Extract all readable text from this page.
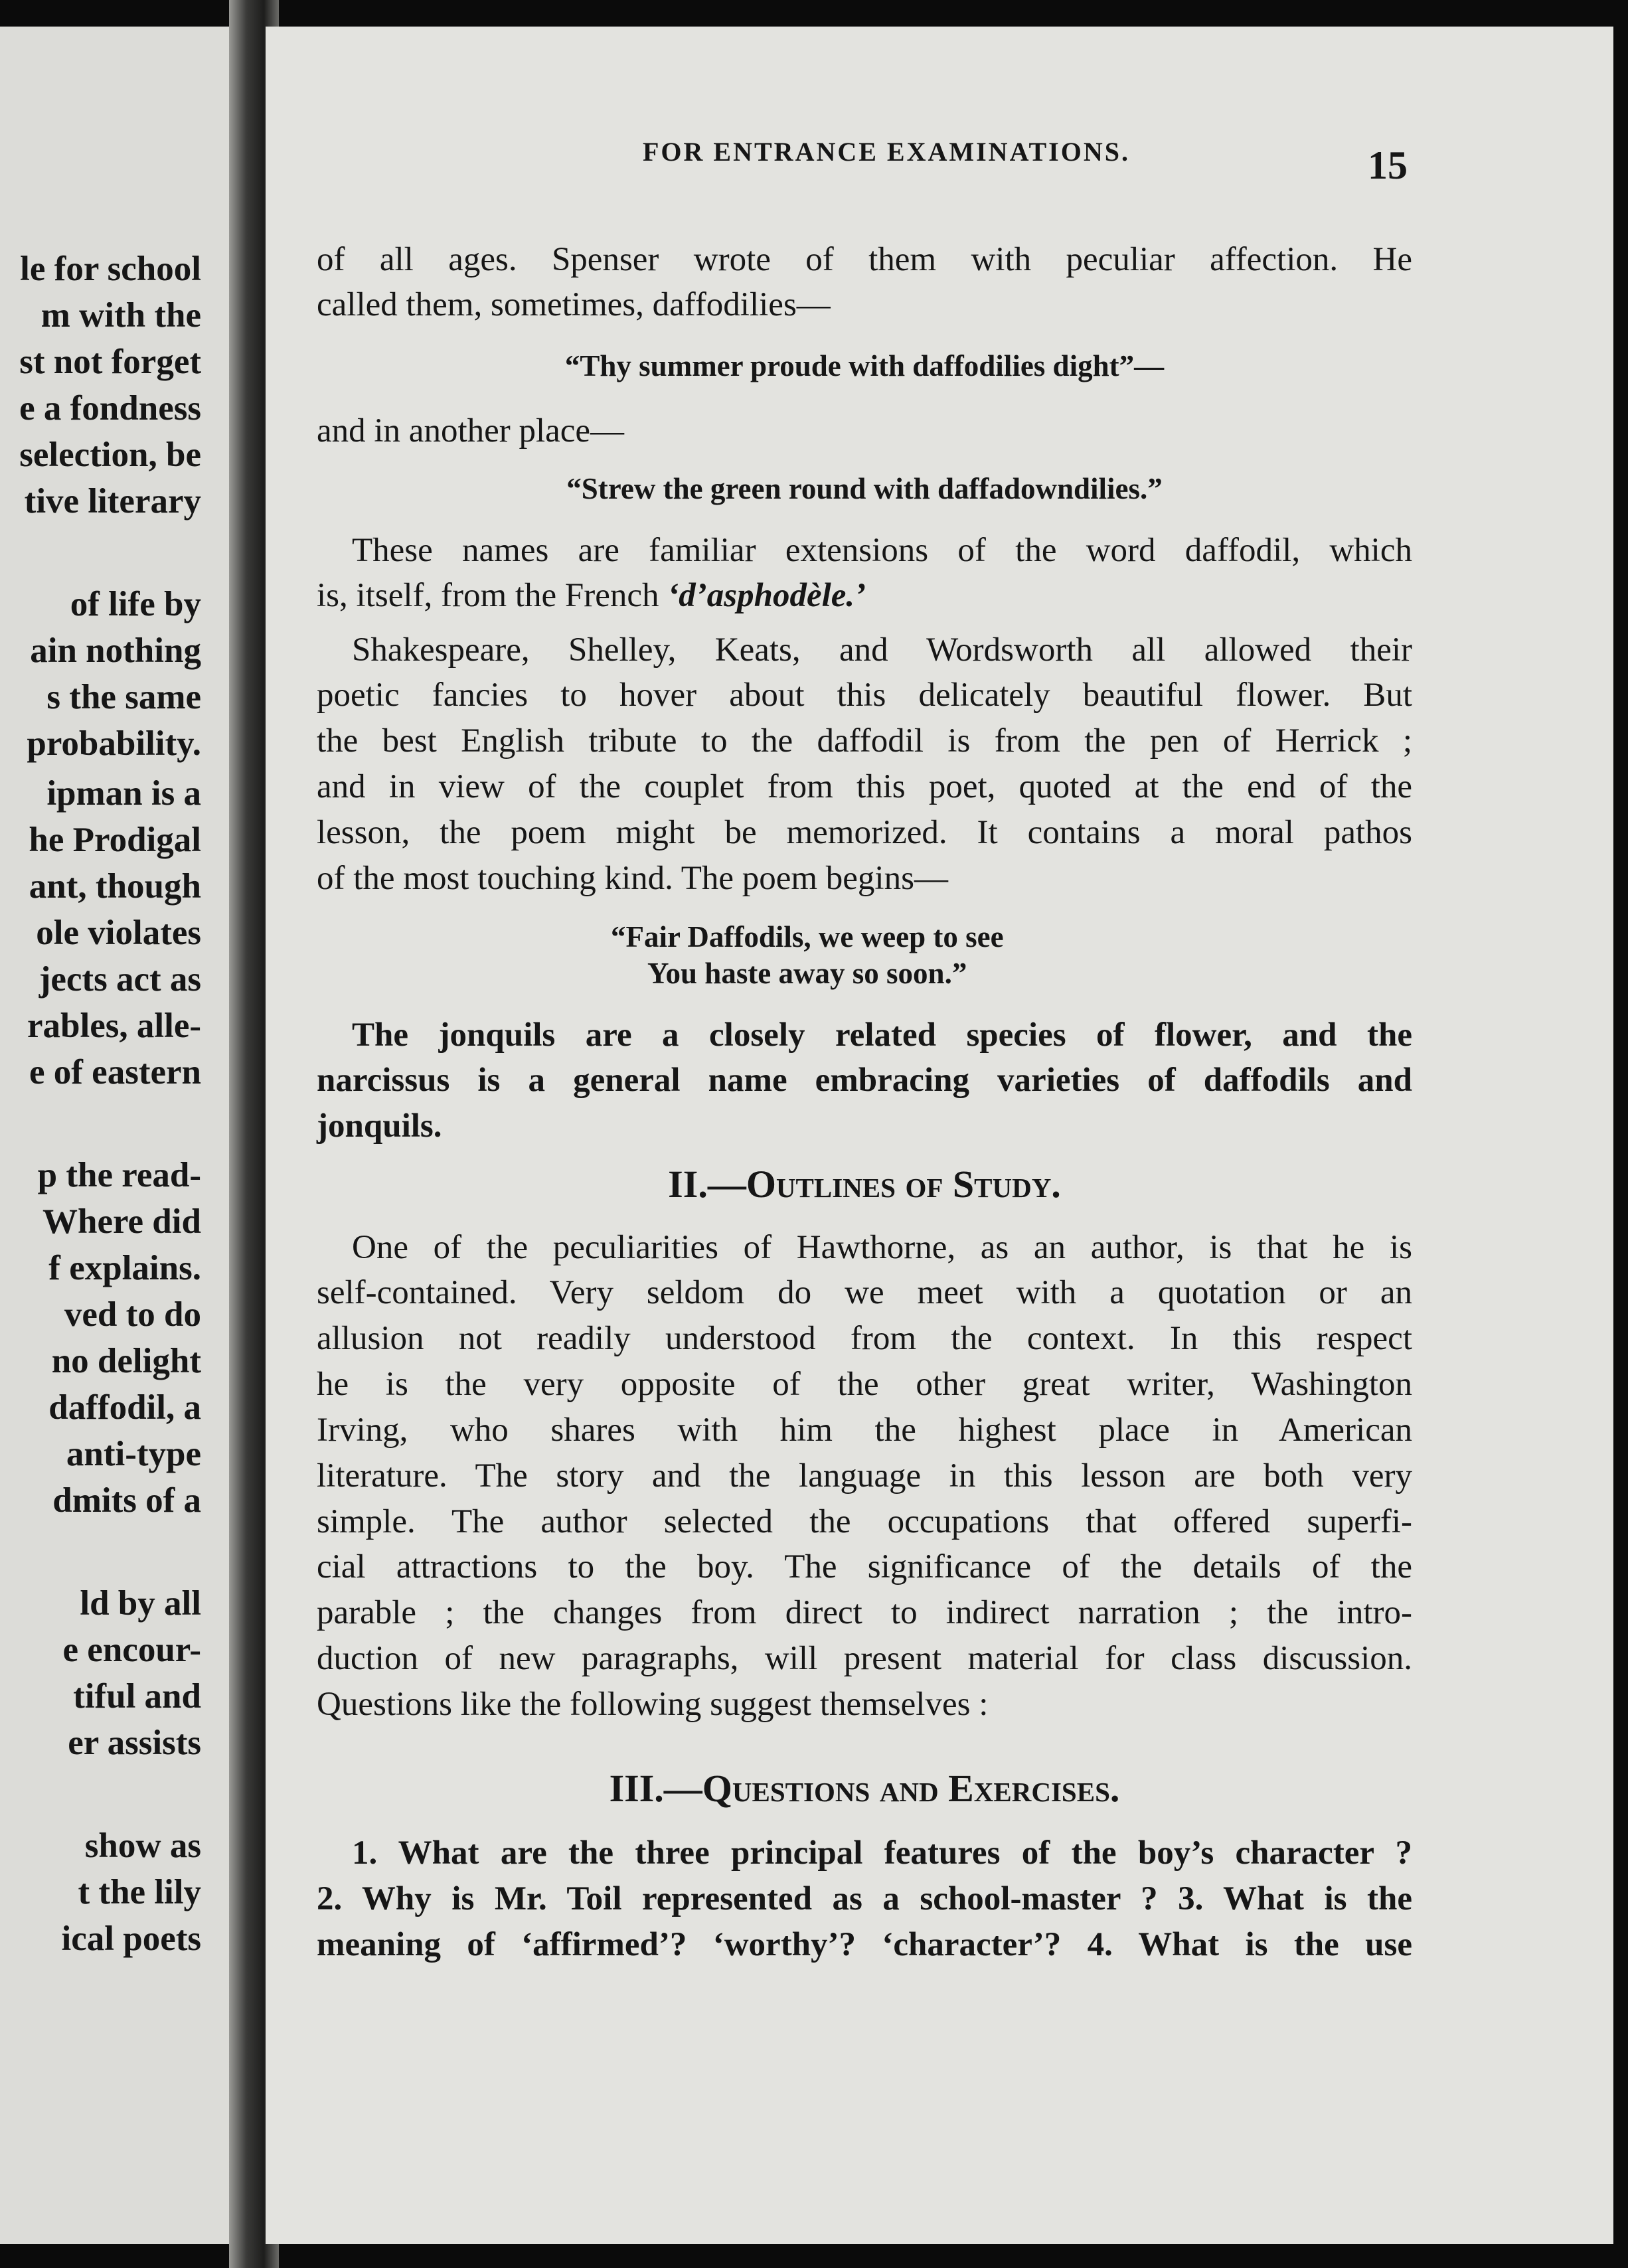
le for school
m with the
st not forget
e a fondness
selection, be
tive literary
of life by
ain nothing
s the same
probability.
ipman is a
he Prodigal
ant, though
ole violates
jects act as
rables, alle-
e of eastern
p the read-
Where did
f explains.
ved to do
no delight
daffodil, a
anti-type
dmits of a
ld by all
e encour-
tiful and
er assists
show as
t the lily
ical poets
FOR ENTRANCE EXAMINATIONS.	15
of all ages. Spenser wrote of them with peculiar affection. He
called them, sometimes, daffodilies—
“Thy summer proude with daffodilies dight”—
and in another place—
“Strew the green round with daffadowndilies.”
These names are familiar extensions of the word daffodil, which
is, itself, from the French ‘d’asphodèle.’
Shakespeare, Shelley, Keats, and Wordsworth all allowed their
poetic fancies to hover about this delicately beautiful flower. But
the best English tribute to the daffodil is from the pen of Herrick ;
and in view of the couplet from this poet, quoted at the end of the
lesson, the poem might be memorized. It contains a moral pathos
of the most touching kind. The poem begins—
“Fair Daffodils, we weep to see
You haste away so soon.”
The jonquils are a closely related species of flower, and the
narcissus is a general name embracing varieties of daffodils and
jonquils.
II.—Outlines of Study.
One of the peculiarities of Hawthorne, as an author, is that he is
self-contained. Very seldom do we meet with a quotation or an
allusion not readily understood from the context. In this respect
he is the very opposite of the other great writer, Washington
Irving, who shares with him the highest place in American
literature. The story and the language in this lesson are both very
simple. The author selected the occupations that offered superfi-
cial attractions to the boy. The significance of the details of the
parable ; the changes from direct to indirect narration ; the intro-
duction of new paragraphs, will present material for class discussion.
Questions like the following suggest themselves :
III.—Questions and Exercises.
1. What are the three principal features of the boy’s character ?
2. Why is Mr. Toil represented as a school-master ? 3. What is the
meaning of ‘affirmed’? ‘worthy’? ‘character’? 4. What is the use
